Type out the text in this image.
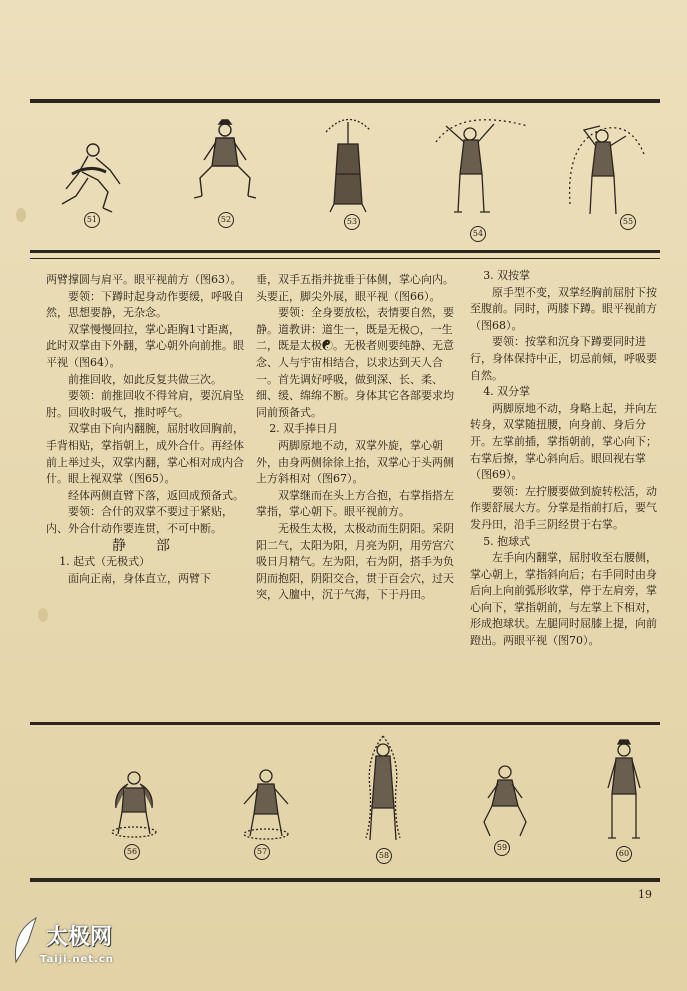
51	52	53
54
55

两臂撑圆与肩平。眼平视前方（图63）。

要领：下蹲时起身动作要缓，呼吸自然，思想要静，无杂念。

双掌慢慢回拉，掌心距胸1寸距离，此时双掌由下外翻，掌心朝外向前推。眼平视（图64）。

前推回收，如此反复共做三次。

要领：前推回收不得耸肩，要沉肩坠肘。回收时吸气，推时呼气。

双掌由下向内翻腕，屈肘收回胸前，手背相贴，掌指朝上，成外合什。再经体前上举过头，双掌内翻，掌心相对成内合什。眼上视双掌（图65）。

经体两侧直臂下落，返回成预备式。

要领：合什的双掌不要过于紧贴，内、外合什动作要连贯，不可中断。

静　部

1. 起式（无极式）

面向正南，身体直立，两臂下

垂，双手五指并拢垂于体侧，掌心向内。头要正，脚尖外展，眼平视（图66）。

要领：全身要放松，表情要自然，要静。道教讲：道生一，既是无极○，一生二，既是太极☯。无极者则要纯静、无意念、人与宇宙相结合，以求达到天人合一。首先调好呼吸，做到深、长、柔、细、缓、绵绵不断。身体其它各部要求均同前预备式。

2. 双手捧日月

两脚原地不动，双掌外旋，掌心朝外，由身两侧徐徐上抬，双掌心于头两侧上方斜相对（图67）。

双掌继而在头上方合抱，右掌指搭左掌指，掌心朝下。眼平视前方。

无极生太极，太极动而生阴阳。采阴阳二气，太阳为阳，月亮为阴，用劳宫穴吸日月精气。左为阳，右为阴，搭手为负阴而抱阳，阴阳交合，贯于百会穴，过天突，入膻中，沉于气海，下于丹田。

3. 双按掌

原手型不变，双掌经胸前屈肘下按至腹前。同时，两膝下蹲。眼平视前方（图68）。

要领：按掌和沉身下蹲要同时进行，身体保持中正，切忌前倾，呼吸要自然。

4. 双分掌

两脚原地不动，身略上起，并向左转身，双掌随扭腰，向身前、身后分开。左掌前插，掌指朝前，掌心向下；右掌后撩，掌心斜向后。眼回视右掌（图69）。

要领：左拧腰要做到旋转松活，动作要舒展大方。分掌是指前打后，要气发丹田，沿手三阴经贯于右掌。

5. 抱球式

左手向内翻掌，屈肘收至右腰侧，掌心朝上，掌指斜向后；右手同时由身后向上向前弧形收掌，停于左肩旁，掌心向下，掌指朝前，与左掌上下相对，形成抱球状。左腿同时屈膝上提，向前蹬出。两眼平视（图70）。

56	57	58
59
60
19
太极网
Taiji.net.cn
